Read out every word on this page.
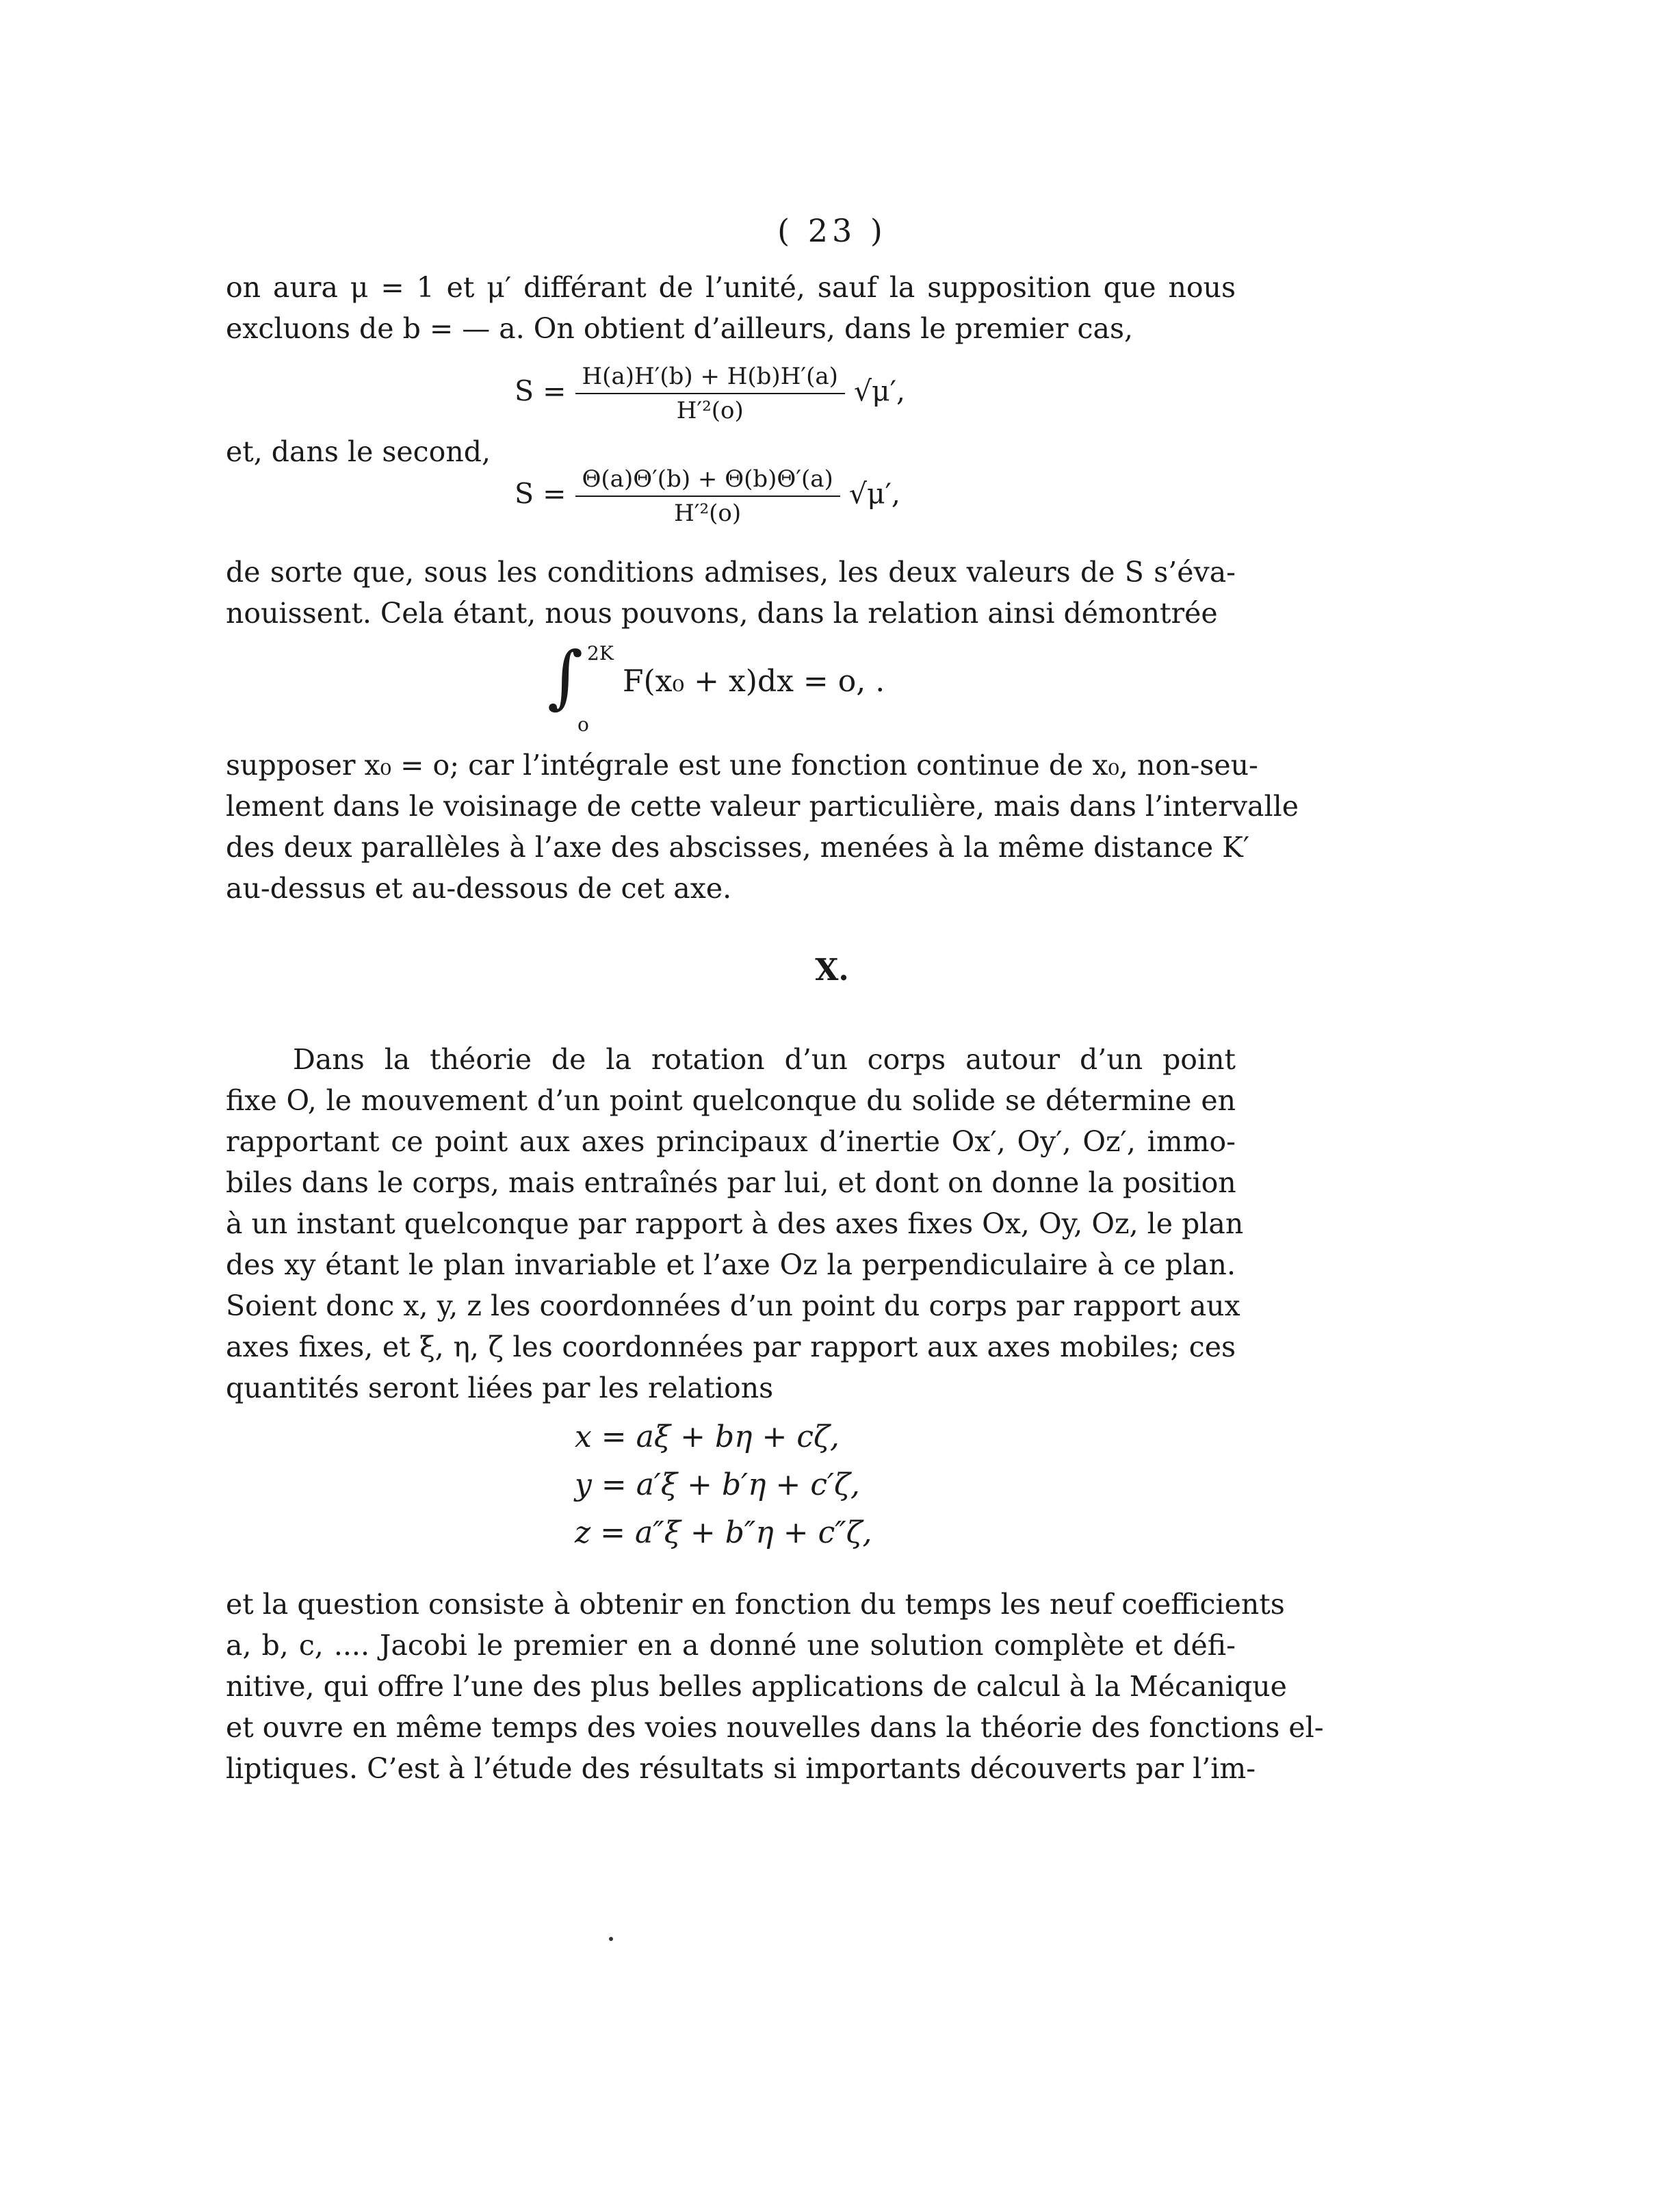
( 23 )
on aura μ = 1 et μ′ différant de l’unité, sauf la supposition que nous
excluons de b = — a. On obtient d’ailleurs, dans le premier cas,
$S = \frac{H(a)H'(b) + H(b)H'(a)}{\text{H′²(o)}} √\mu'$,
et, dans le second,
$S = \frac{\Theta(a)\Theta'(b) + \Theta(b)\Theta'(a)}{\text{H′²(o)}} √\mu'$,
de sorte que, sous les conditions admises, les deux valeurs de S s’éva-
nouissent. Cela étant, nous pouvons, dans la relation ainsi démontrée
∫ 2K
o
F(x₀ + x)dx = o, .
supposer x₀ = o; car l’intégrale est une fonction continue de x₀, non-seu-
lement dans le voisinage de cette valeur particulière, mais dans l’intervalle
des deux parallèles à l’axe des abscisses, menées à la même distance K′
au-dessus et au-dessous de cet axe.
X.
Dans la théorie de la rotation d’un corps autour d’un point
fixe O, le mouvement d’un point quelconque du solide se détermine en
rapportant ce point aux axes principaux d’inertie Ox′, Oy′, Oz′, immo-
biles dans le corps, mais entraînés par lui, et dont on donne la position
à un instant quelconque par rapport à des axes fixes Ox, Oy, Oz, le plan
des xy étant le plan invariable et l’axe Oz la perpendiculaire à ce plan.
Soient donc x, y, z les coordonnées d’un point du corps par rapport aux
axes fixes, et ξ, η, ζ les coordonnées par rapport aux axes mobiles; ces
quantités seront liées par les relations
x = aξ + bη + cζ,
y = a′ξ + b′η + c′ζ,
z = a″ξ + b″η + c″ζ,
et la question consiste à obtenir en fonction du temps les neuf coefficients
a, b, c, .... Jacobi le premier en a donné une solution complète et défi-
nitive, qui offre l’une des plus belles applications de calcul à la Mécanique
et ouvre en même temps des voies nouvelles dans la théorie des fonctions el-
liptiques. C’est à l’étude des résultats si importants découverts par l’im-
